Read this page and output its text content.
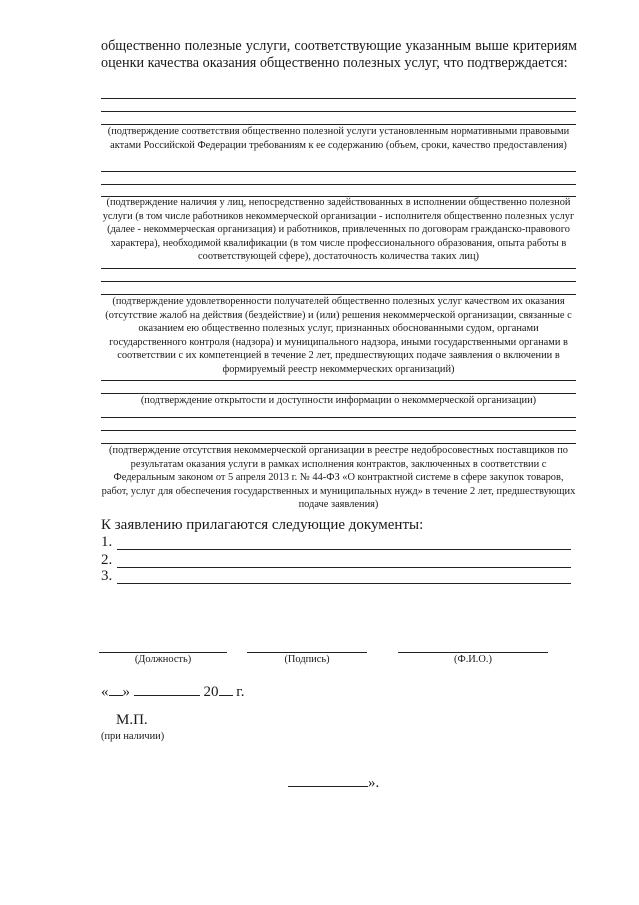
общественно полезные услуги, соответствующие указанным выше критериям оценки качества оказания общественно полезных услуг, что подтверждается:
(подтверждение соответствия общественно полезной услуги установленным нормативными правовыми актами Российской Федерации требованиям к ее содержанию (объем, сроки, качество предоставления)
(подтверждение наличия у лиц, непосредственно задействованных в исполнении общественно полезной услуги (в том числе работников некоммерческой организации - исполнителя общественно полезных услуг (далее - некоммерческая организация) и работников, привлеченных по договорам гражданско-правового характера), необходимой квалификации (в том числе профессионального образования, опыта работы в соответствующей сфере), достаточность количества таких лиц)
(подтверждение удовлетворенности получателей общественно полезных услуг качеством их оказания (отсутствие жалоб на действия (бездействие) и (или) решения некоммерческой организации, связанные с оказанием ею общественно полезных услуг, признанных обоснованными судом, органами государственного контроля (надзора) и муниципального надзора, иными государственными органами в соответствии с их компетенцией в течение 2 лет, предшествующих подаче заявления о включении в формируемый реестр некоммерческих организаций)
(подтверждение открытости и доступности информации о некоммерческой организации)
(подтверждение отсутствия некоммерческой организации в реестре недобросовестных поставщиков по результатам оказания услуги в рамках исполнения контрактов, заключенных в соответствии с Федеральным законом от 5 апреля 2013 г. № 44-ФЗ «О контрактной системе в сфере закупок товаров, работ, услуг для обеспечения государственных и муниципальных нужд» в течение 2 лет, предшествующих подаче заявления)
К заявлению прилагаются следующие документы:
1.
2.
3.
(Должность)	(Подпись)	(Ф.И.О.)
« »	20 г.
М.П.
(при наличии)
».
